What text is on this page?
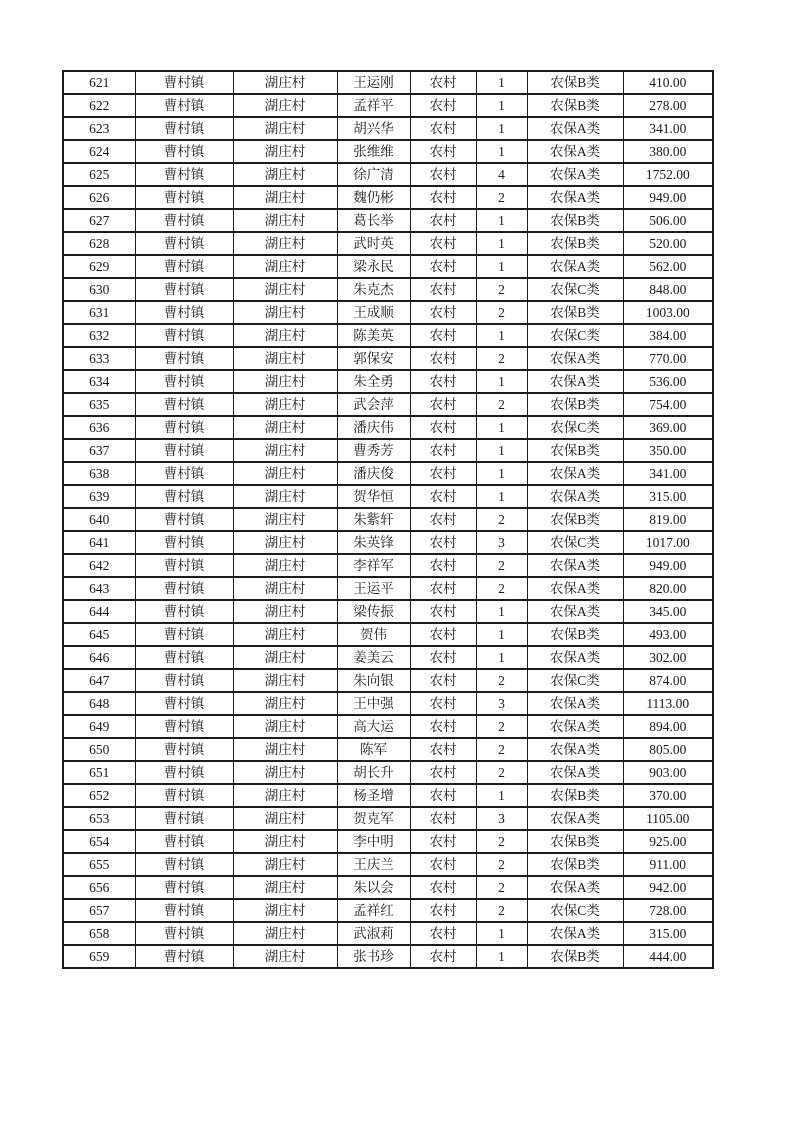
621	曹村镇	湖庄村	王运刚	农村	1	农保B类	410.00
622	曹村镇	湖庄村	孟祥平	农村	1	农保B类	278.00
623	曹村镇	湖庄村	胡兴华	农村	1	农保A类	341.00
624	曹村镇	湖庄村	张维维	农村	1	农保A类	380.00
625	曹村镇	湖庄村	徐广清	农村	4	农保A类	1752.00
626	曹村镇	湖庄村	魏仍彬	农村	2	农保A类	949.00
627	曹村镇	湖庄村	葛长举	农村	1	农保B类	506.00
628	曹村镇	湖庄村	武时英	农村	1	农保B类	520.00
629	曹村镇	湖庄村	梁永民	农村	1	农保A类	562.00
630	曹村镇	湖庄村	朱克杰	农村	2	农保C类	848.00
631	曹村镇	湖庄村	王成顺	农村	2	农保B类	1003.00
632	曹村镇	湖庄村	陈美英	农村	1	农保C类	384.00
633	曹村镇	湖庄村	郭保安	农村	2	农保A类	770.00
634	曹村镇	湖庄村	朱全勇	农村	1	农保A类	536.00
635	曹村镇	湖庄村	武会萍	农村	2	农保B类	754.00
636	曹村镇	湖庄村	潘庆伟	农村	1	农保C类	369.00
637	曹村镇	湖庄村	曹秀芳	农村	1	农保B类	350.00
638	曹村镇	湖庄村	潘庆俊	农村	1	农保A类	341.00
639	曹村镇	湖庄村	贺华恒	农村	1	农保A类	315.00
640	曹村镇	湖庄村	朱紫轩	农村	2	农保B类	819.00
641	曹村镇	湖庄村	朱英锋	农村	3	农保C类	1017.00
642	曹村镇	湖庄村	李祥军	农村	2	农保A类	949.00
643	曹村镇	湖庄村	王运平	农村	2	农保A类	820.00
644	曹村镇	湖庄村	梁传振	农村	1	农保A类	345.00
645	曹村镇	湖庄村	贺伟	农村	1	农保B类	493.00
646	曹村镇	湖庄村	姜美云	农村	1	农保A类	302.00
647	曹村镇	湖庄村	朱向银	农村	2	农保C类	874.00
648	曹村镇	湖庄村	王中强	农村	3	农保A类	1113.00
649	曹村镇	湖庄村	高大运	农村	2	农保A类	894.00
650	曹村镇	湖庄村	陈军	农村	2	农保A类	805.00
651	曹村镇	湖庄村	胡长升	农村	2	农保A类	903.00
652	曹村镇	湖庄村	杨圣增	农村	1	农保B类	370.00
653	曹村镇	湖庄村	贺克军	农村	3	农保A类	1105.00
654	曹村镇	湖庄村	李中明	农村	2	农保B类	925.00
655	曹村镇	湖庄村	王庆兰	农村	2	农保B类	911.00
656	曹村镇	湖庄村	朱以会	农村	2	农保A类	942.00
657	曹村镇	湖庄村	孟祥红	农村	2	农保C类	728.00
658	曹村镇	湖庄村	武淑莉	农村	1	农保A类	315.00
659	曹村镇	湖庄村	张书珍	农村	1	农保B类	444.00
